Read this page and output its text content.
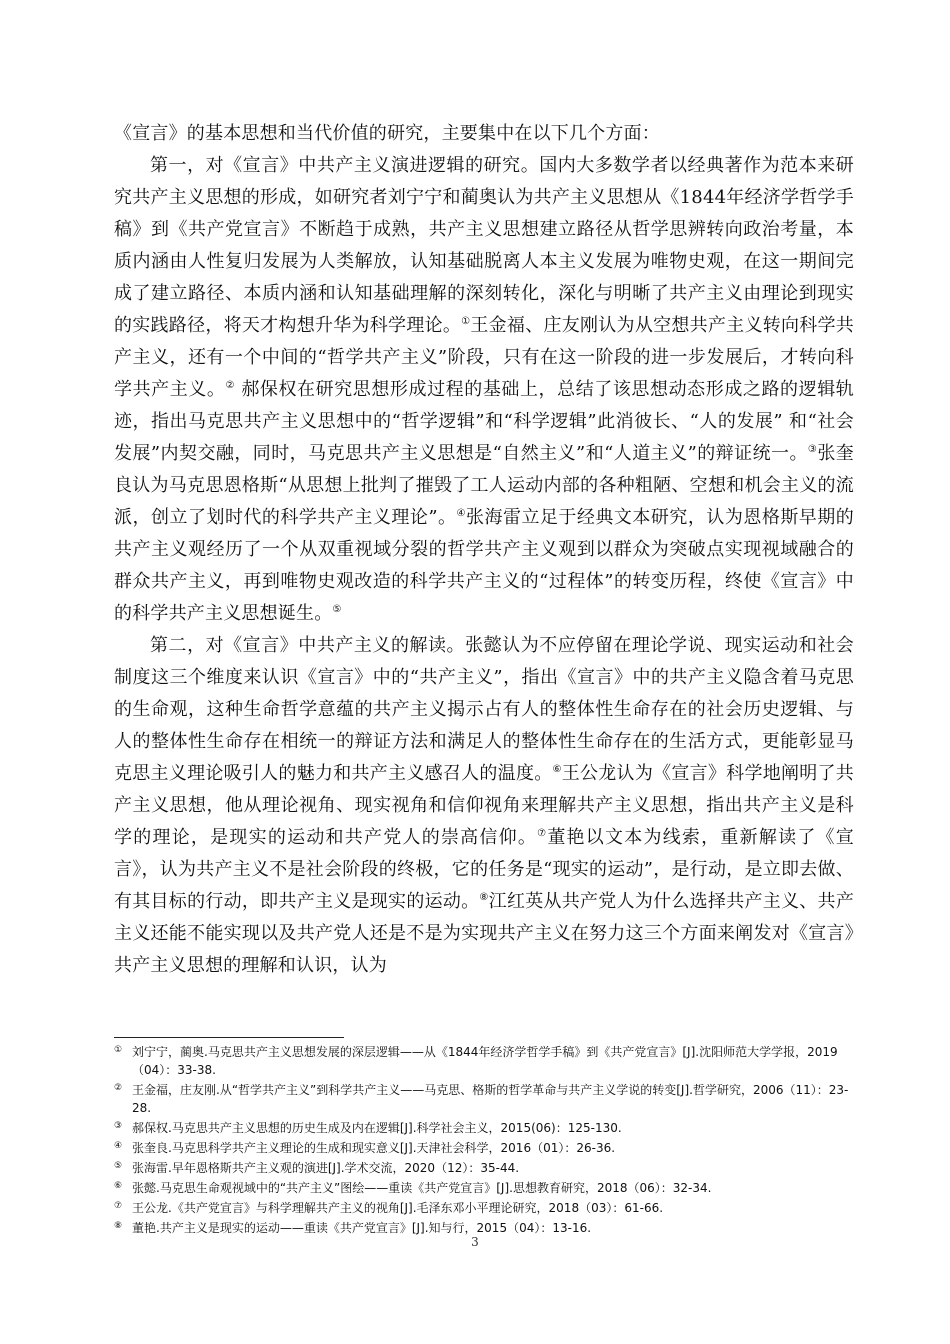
《宣言》的基本思想和当代价值的研究，主要集中在以下几个方面：

第一，对《宣言》中共产主义演进逻辑的研究。国内大多数学者以经典著作为范本来研究共产主义思想的形成，如研究者刘宁宁和蔺奥认为共产主义思想从《1844年经济学哲学手稿》到《共产党宣言》不断趋于成熟，共产主义思想建立路径从哲学思辨转向政治考量，本质内涵由人性复归发展为人类解放，认知基础脱离人本主义发展为唯物史观，在这一期间完成了建立路径、本质内涵和认知基础理解的深刻转化，深化与明晰了共产主义由理论到现实的实践路径，将天才构想升华为科学理论。①王金福、庄友刚认为从空想共产主义转向科学共产主义，还有一个中间的“哲学共产主义”阶段，只有在这一阶段的进一步发展后，才转向科学共产主义。② 郝保权在研究思想形成过程的基础上，总结了该思想动态形成之路的逻辑轨迹，指出马克思共产主义思想中的“哲学逻辑”和“科学逻辑”此消彼长、“人的发展” 和“社会发展”内契交融，同时，马克思共产主义思想是“自然主义”和“人道主义”的辩证统一。③张奎良认为马克思恩格斯“从思想上批判了摧毁了工人运动内部的各种粗陋、空想和机会主义的流派，创立了划时代的科学共产主义理论”。④张海雷立足于经典文本研究，认为恩格斯早期的共产主义观经历了一个从双重视域分裂的哲学共产主义观到以群众为突破点实现视域融合的群众共产主义，再到唯物史观改造的科学共产主义的“过程体”的转变历程，终使《宣言》中的科学共产主义思想诞生。⑤

第二，对《宣言》中共产主义的解读。张懿认为不应停留在理论学说、现实运动和社会制度这三个维度来认识《宣言》中的“共产主义”，指出《宣言》中的共产主义隐含着马克思的生命观，这种生命哲学意蕴的共产主义揭示占有人的整体性生命存在的社会历史逻辑、与人的整体性生命存在相统一的辩证方法和满足人的整体性生命存在的生活方式，更能彰显马克思主义理论吸引人的魅力和共产主义感召人的温度。⑥王公龙认为《宣言》科学地阐明了共产主义思想，他从理论视角、现实视角和信仰视角来理解共产主义思想，指出共产主义是科学的理论，是现实的运动和共产党人的崇高信仰。⑦董艳以文本为线索，重新解读了《宣言》，认为共产主义不是社会阶段的终极，它的任务是“现实的运动”，是行动，是立即去做、有其目标的行动，即共产主义是现实的运动。⑧江红英从共产党人为什么选择共产主义、共产主义还能不能实现以及共产党人还是不是为实现共产主义在努力这三个方面来阐发对《宣言》共产主义思想的理解和认识，认为

① 刘宁宁，蔺奥.马克思共产主义思想发展的深层逻辑——从《1844年经济学哲学手稿》到《共产党宣言》[J].沈阳师范大学学报，2019（04）：33-38.
② 王金福，庄友刚.从“哲学共产主义”到科学共产主义——马克思、格斯的哲学革命与共产主义学说的转变[J].哲学研究，2006（11）：23-28.
③ 郝保权.马克思共产主义思想的历史生成及内在逻辑[J].科学社会主义，2015(06)：125-130.
④ 张奎良.马克思科学共产主义理论的生成和现实意义[J].天津社会科学，2016（01）：26-36.
⑤ 张海雷.早年恩格斯共产主义观的演进[J].学术交流，2020（12）：35-44.
⑥ 张懿.马克思生命观视域中的“共产主义”图绘——重读《共产党宣言》[J].思想教育研究，2018（06）：32-34.
⑦ 王公龙.《共产党宣言》与科学理解共产主义的视角[J].毛泽东邓小平理论研究，2018（03）：61-66.
⑧ 董艳.共产主义是现实的运动——重读《共产党宣言》[J].知与行，2015（04）：13-16.
3
